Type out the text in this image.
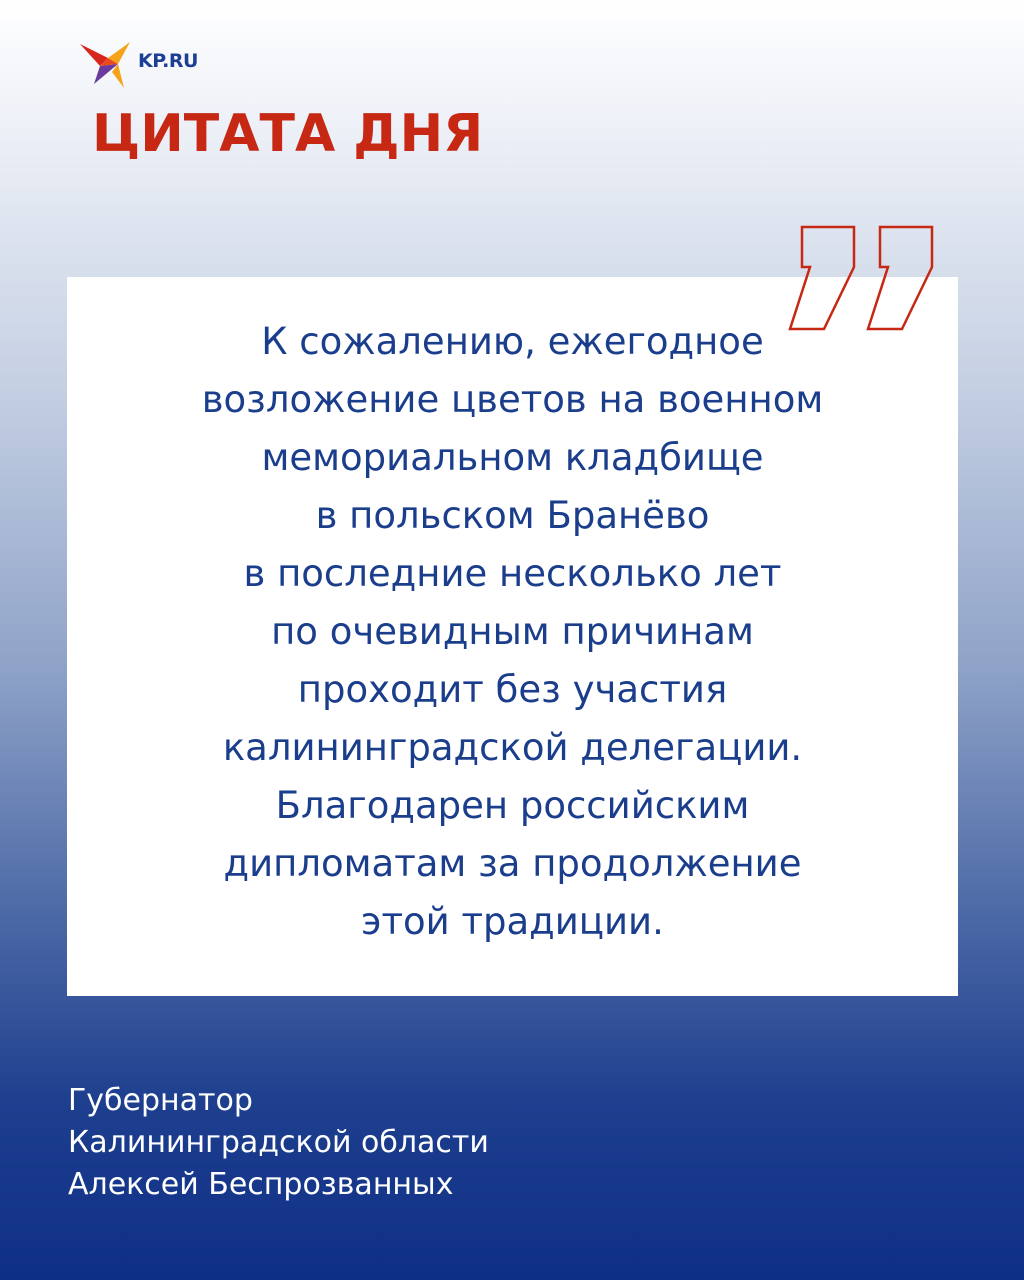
KP.RU
ЦИТАТА ДНЯ

К сожалению, ежегодное
возложение цветов на военном
мемориальном кладбище
в польском Бранёво
в последние несколько лет
по очевидным причинам
проходит без участия
калининградской делегации.
Благодарен российским
дипломатам за продолжение
этой традиции.

Губернатор
Калининградской области
Алексей Беспрозванных
